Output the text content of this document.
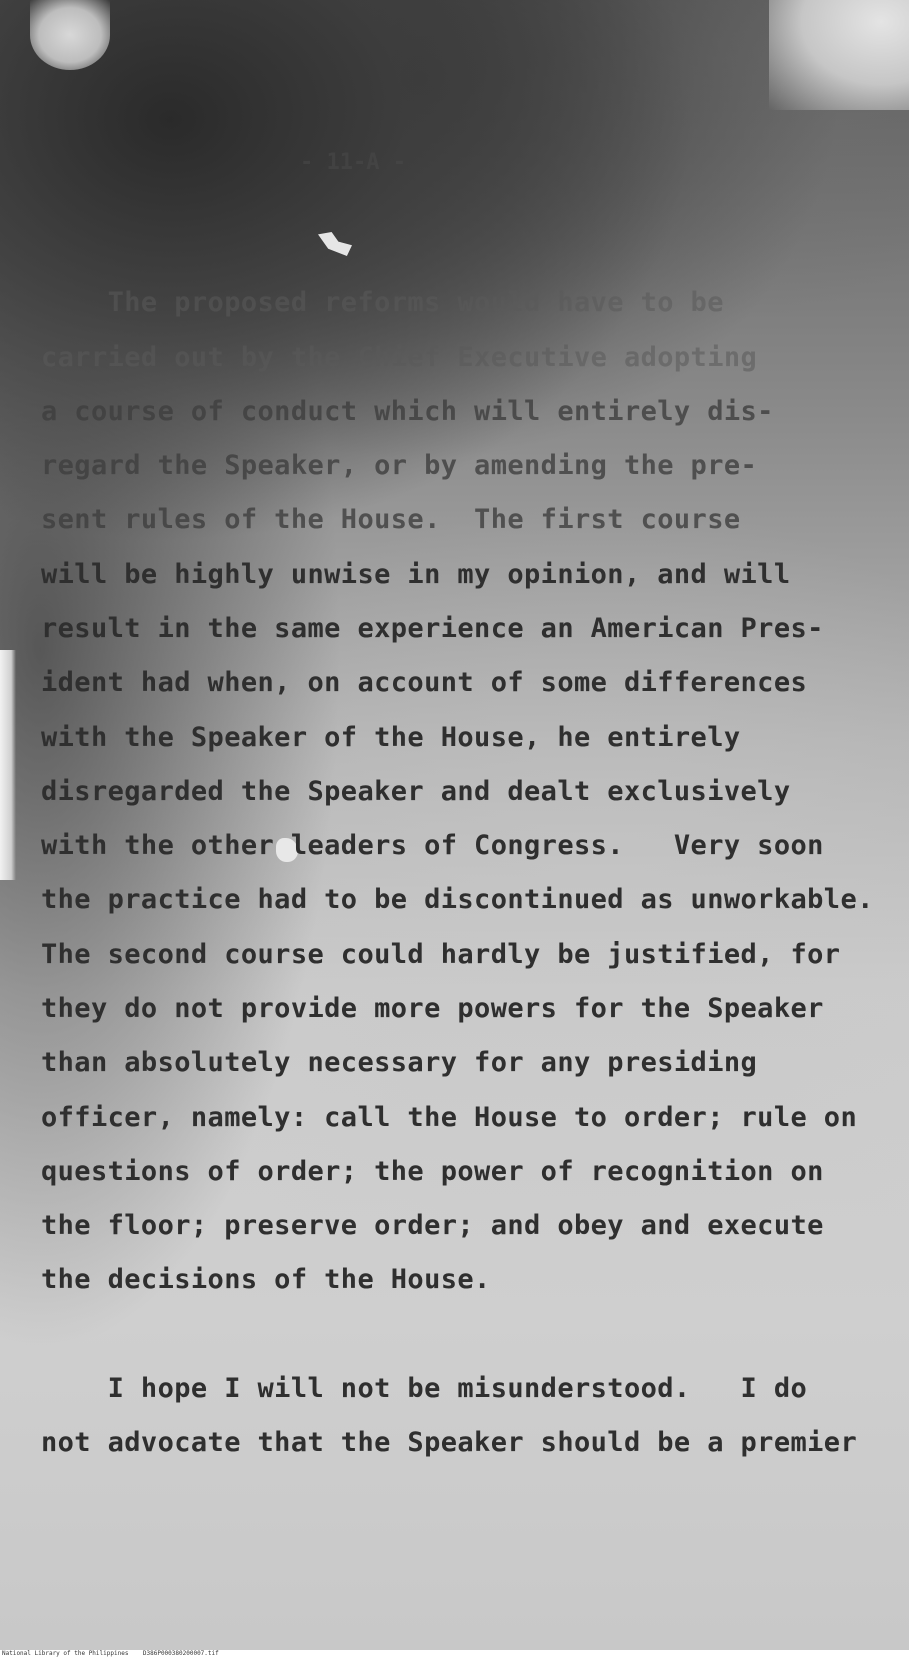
- 11-A -
The proposed reforms would have to be
carried out by the Chief Executive adopting
a course of conduct which will entirely dis-
regard the Speaker, or by amending the pre-
sent rules of the House.  The first course
will be highly unwise in my opinion, and will
result in the same experience an American Pres-
ident had when, on account of some differences
with the Speaker of the House, he entirely
disregarded the Speaker and dealt exclusively
with the other leaders of Congress.   Very soon
the practice had to be discontinued as unworkable.
The second course could hardly be justified, for
they do not provide more powers for the Speaker
than absolutely necessary for any presiding
officer, namely: call the House to order; rule on
questions of order; the power of recognition on
the floor; preserve order; and obey and execute
the decisions of the House.
I hope I will not be misunderstood.   I do
not advocate that the Speaker should be a premier
National Library of the Philippines    D386P000380200007.tif
